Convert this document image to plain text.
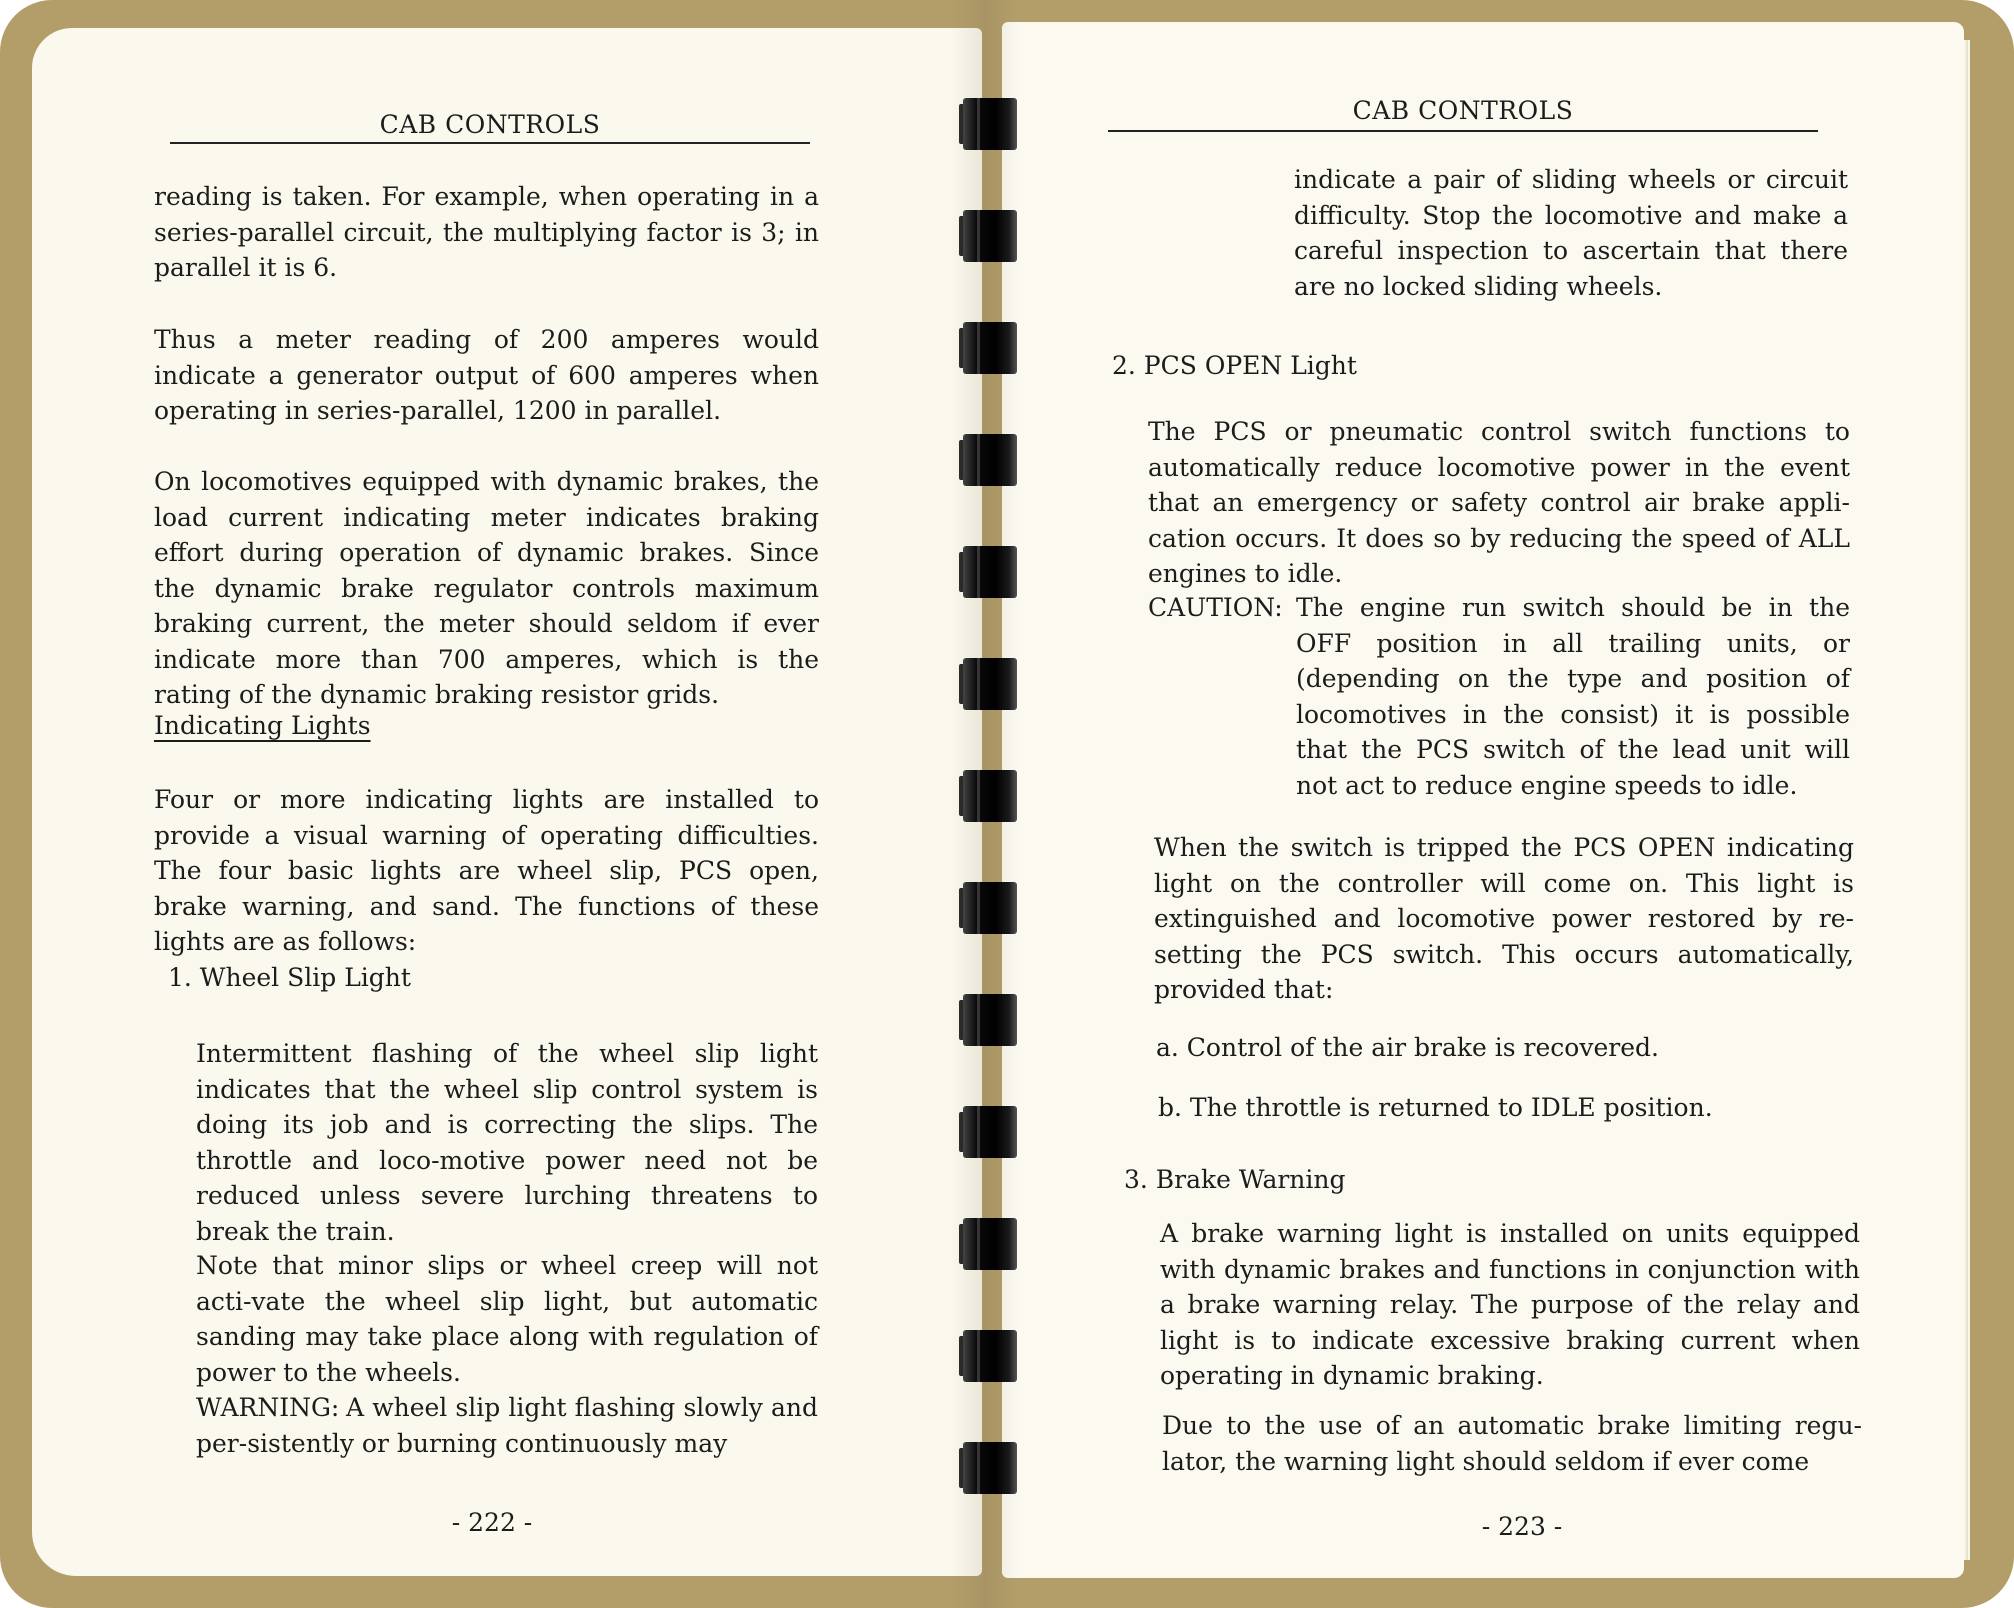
CAB CONTROLS
reading is taken. For example, when operating in a series-parallel circuit, the multiplying factor is 3; in parallel it is 6.
Thus a meter reading of 200 amperes would indicate a generator output of 600 amperes when operating in series-parallel, 1200 in parallel.
On locomotives equipped with dynamic brakes, the load current indicating meter indicates braking effort during operation of dynamic brakes. Since the dynamic brake regulator controls maximum braking current, the meter should seldom if ever indicate more than 700 amperes, which is the rating of the dynamic braking resistor grids.
Indicating Lights
Four or more indicating lights are installed to provide a visual warning of operating difficulties. The four basic lights are wheel slip, PCS open, brake warning, and sand. The functions of these lights are as follows:
1. Wheel Slip Light
Intermittent flashing of the wheel slip light indicates that the wheel slip control system is doing its job and is correcting the slips. The throttle and loco-motive power need not be reduced unless severe lurching threatens to break the train.
Note that minor slips or wheel creep will not acti-vate the wheel slip light, but automatic sanding may take place along with regulation of power to the wheels.
WARNING: A wheel slip light flashing slowly and per-sistently or burning continuously may
- 222 -
CAB CONTROLS
indicate a pair of sliding wheels or circuit difficulty. Stop the locomotive and make a careful inspection to ascertain that there are no locked sliding wheels.
2. PCS OPEN Light
The PCS or pneumatic control switch functions to automatically reduce locomotive power in the event that an emergency or safety control air brake appli-cation occurs. It does so by reducing the speed of ALL engines to idle.
CAUTION: The engine run switch should be in the OFF position in all trailing units, or (depending on the type and position of locomotives in the consist) it is possible that the PCS switch of the lead unit will not act to reduce engine speeds to idle.
When the switch is tripped the PCS OPEN indicating light on the controller will come on. This light is extinguished and locomotive power restored by re-setting the PCS switch. This occurs automatically, provided that:
a. Control of the air brake is recovered.
b. The throttle is returned to IDLE position.
3. Brake Warning
A brake warning light is installed on units equipped with dynamic brakes and functions in conjunction with a brake warning relay. The purpose of the relay and light is to indicate excessive braking current when operating in dynamic braking.
Due to the use of an automatic brake limiting regu-lator, the warning light should seldom if ever come
- 223 -
